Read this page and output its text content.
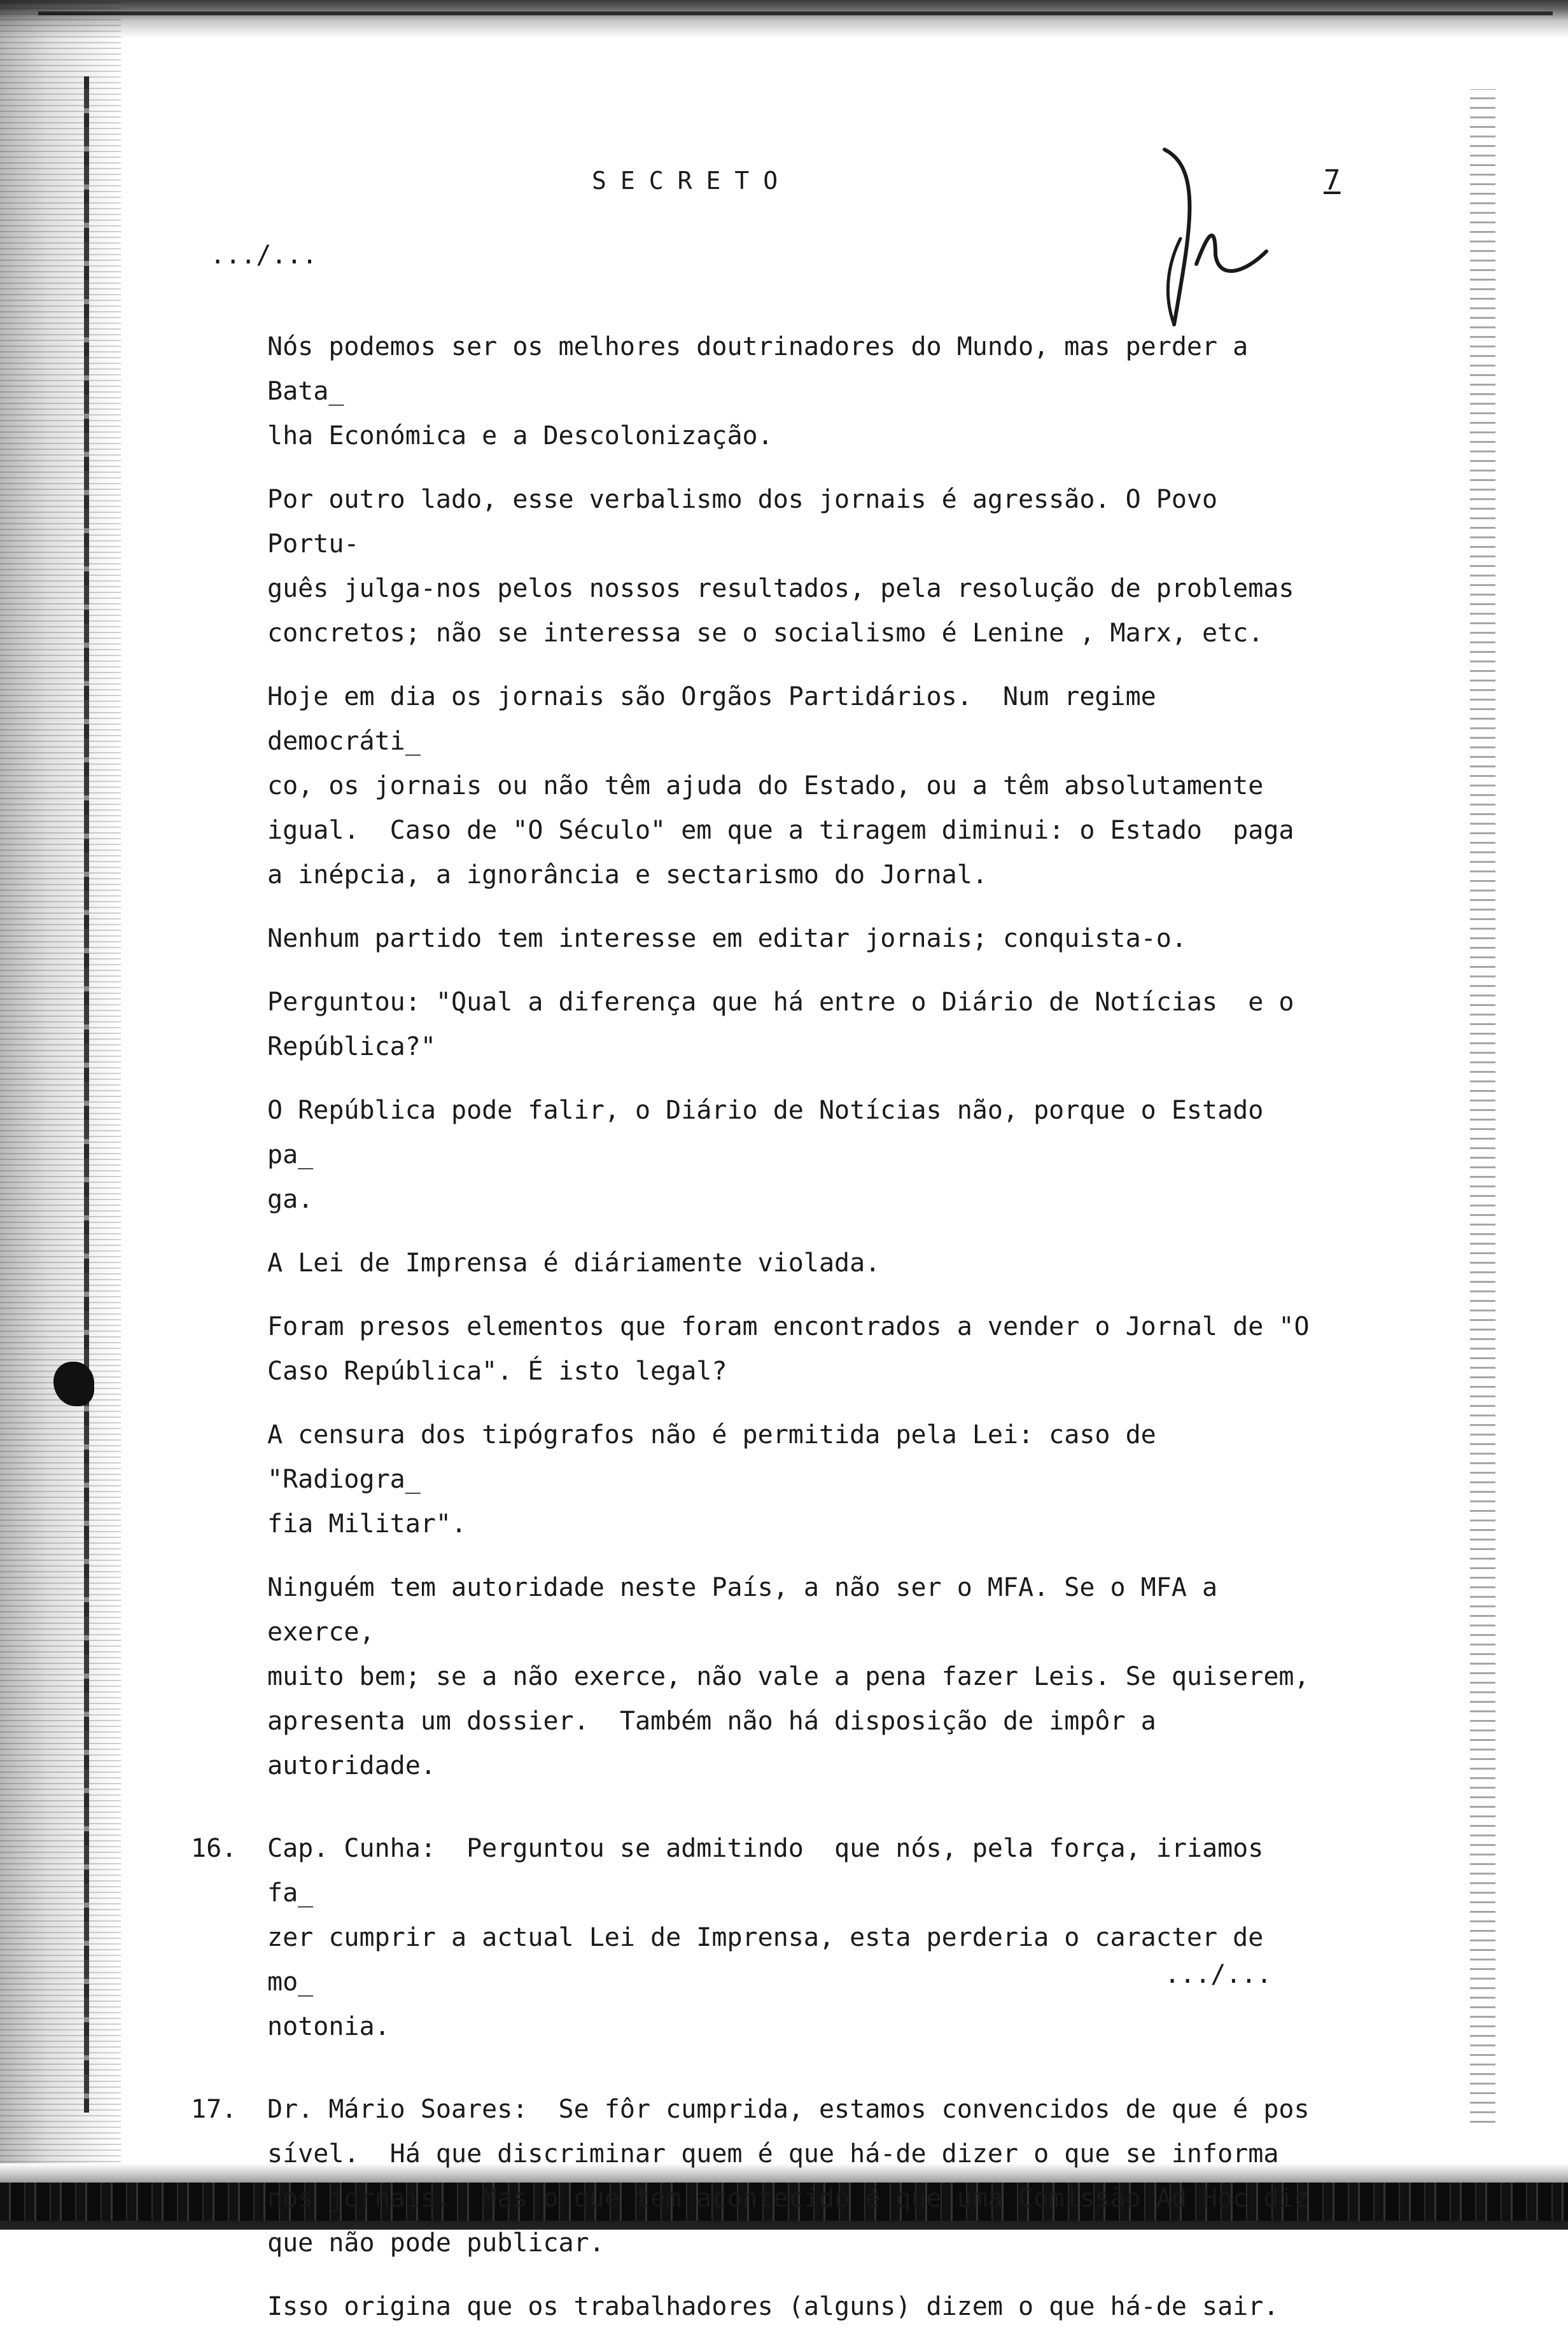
SECRETO	7
.../...

Nós podemos ser os melhores doutrinadores do Mundo, mas perder a Bata_
lha Económica e a Descolonização.

Por outro lado, esse verbalismo dos jornais é agressão. O Povo Portu-
guês julga-nos pelos nossos resultados, pela resolução de problemas
concretos; não se interessa se o socialismo é Lenine , Marx, etc.

Hoje em dia os jornais são Orgãos Partidários.  Num regime democráti_
co, os jornais ou não têm ajuda do Estado, ou a têm absolutamente
igual.  Caso de "O Século" em que a tiragem diminui: o Estado  paga
a inépcia, a ignorância e sectarismo do Jornal.

Nenhum partido tem interesse em editar jornais; conquista-o.

Perguntou: "Qual a diferença que há entre o Diário de Notícias  e o
República?"

O República pode falir, o Diário de Notícias não, porque o Estado pa_
ga.

A Lei de Imprensa é diáriamente violada.

Foram presos elementos que foram encontrados a vender o Jornal de "O
Caso República". É isto legal?

A censura dos tipógrafos não é permitida pela Lei: caso de "Radiogra_
fia Militar".

Ninguém tem autoridade neste País, a não ser o MFA. Se o MFA a exerce,
muito bem; se a não exerce, não vale a pena fazer Leis. Se quiserem,
apresenta um dossier.  Também não há disposição de impôr a autoridade.

16.	Cap. Cunha:  Perguntou se admitindo  que nós, pela força, iriamos fa_
zer cumprir a actual Lei de Imprensa, esta perderia o caracter de mo_
notonia.
17.	Dr. Mário Soares:  Se fôr cumprida, estamos convencidos de que é pos
sível.  Há que discriminar quem é que há-de dizer o que se informa
nos jornais.  Mas o que tem acontecido é que uma Comissão Ad Hoc diz
que não pode publicar.

Isso origina que os trabalhadores (alguns) dizem o que há-de sair.

.../...
